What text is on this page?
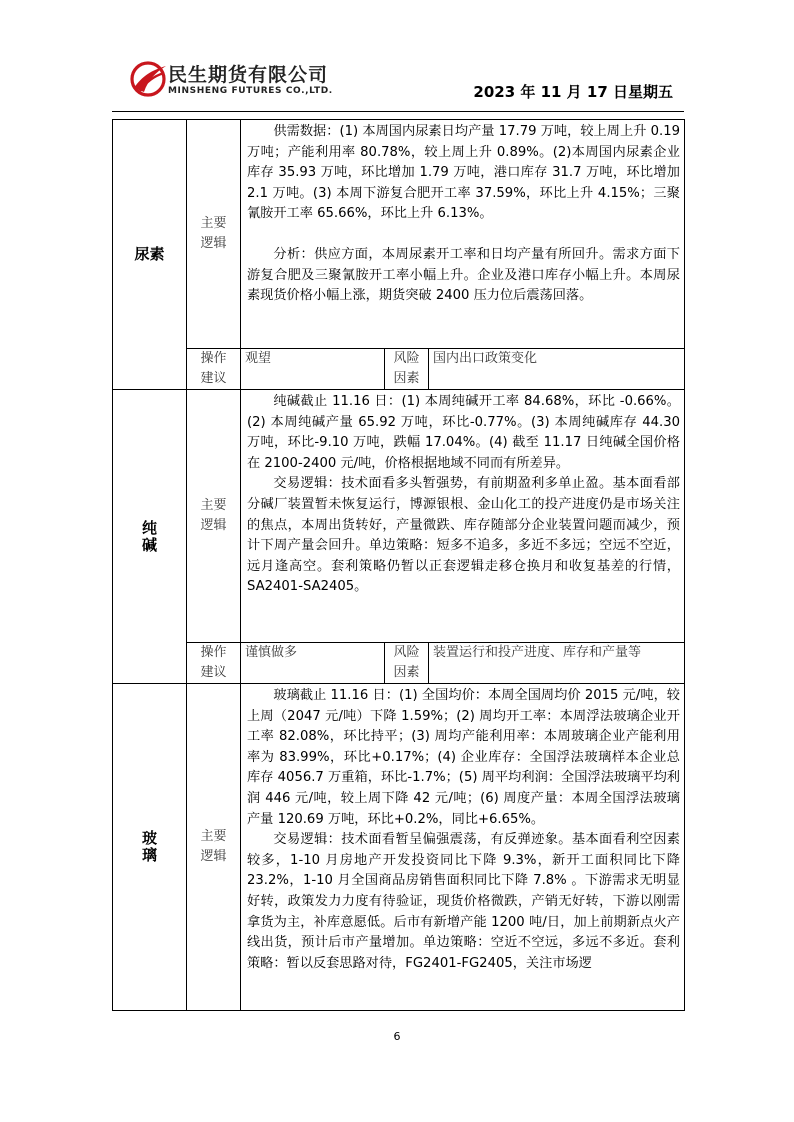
民生期货有限公司
MINSHENG FUTURES CO.,LTD.	2023 年 11 月 17 日星期五
尿素	主要逻辑	供需数据：(1) 本周国内尿素日均产量 17.79 万吨，较上周上升 0.19 万吨；产能利用率 80.78%，较上周上升 0.89%。(2)本周国内尿素企业库存 35.93 万吨，环比增加 1.79 万吨，港口库存 31.7 万吨，环比增加 2.1 万吨。(3) 本周下游复合肥开工率 37.59%，环比上升 4.15%；三聚氰胺开工率 65.66%，环比上升 6.13%。

分析：供应方面，本周尿素开工率和日均产量有所回升。需求方面下游复合肥及三聚氰胺开工率小幅上升。企业及港口库存小幅上升。本周尿素现货价格小幅上涨，期货突破 2400 压力位后震荡回落。		

	操作建议	观望	风险因素	国内出口政策变化
纯碱	主要逻辑	纯碱截止 11.16 日：(1) 本周纯碱开工率 84.68%，环比 -0.66%。(2) 本周纯碱产量 65.92 万吨，环比-0.77%。(3) 本周纯碱库存 44.30 万吨，环比-9.10 万吨，跌幅 17.04%。(4) 截至 11.17 日纯碱全国价格在 2100-2400 元/吨，价格根据地域不同而有所差异。

交易逻辑：技术面看多头暂强势，有前期盈利多单止盈。基本面看部分碱厂装置暂未恢复运行，博源银根、金山化工的投产进度仍是市场关注的焦点，本周出货转好，产量微跌、库存随部分企业装置问题而减少，预计下周产量会回升。单边策略：短多不追多，多近不多远；空远不空近，远月逢高空。套利策略仍暂以正套逻辑走移仓换月和收复基差的行情，SA2401-SA2405。		

	操作建议	谨慎做多	风险因素	装置运行和投产进度、库存和产量等
玻璃	主要逻辑	玻璃截止 11.16 日：(1) 全国均价：本周全国周均价 2015 元/吨，较上周（2047 元/吨）下降 1.59%；(2) 周均开工率：本周浮法玻璃企业开工率 82.08%，环比持平；(3) 周均产能利用率：本周玻璃企业产能利用率为 83.99%，环比+0.17%；(4) 企业库存：全国浮法玻璃样本企业总库存 4056.7 万重箱，环比-1.7%；(5) 周平均利润：全国浮法玻璃平均利润 446 元/吨，较上周下降 42 元/吨；(6) 周度产量：本周全国浮法玻璃产量 120.69 万吨，环比+0.2%，同比+6.65%。

交易逻辑：技术面看暂呈偏强震荡，有反弹迹象。基本面看利空因素较多，1-10 月房地产开发投资同比下降 9.3%，新开工面积同比下降 23.2%，1-10 月全国商品房销售面积同比下降 7.8% 。下游需求无明显好转，政策发力力度有待验证，现货价格微跌，产销无好转，下游以刚需拿货为主，补库意愿低。后市有新增产能 1200 吨/日，加上前期新点火产线出货，预计后市产量增加。单边策略：空近不空远，多远不多近。套利策略：暂以反套思路对待，FG2401-FG2405，关注市场逻		

6
